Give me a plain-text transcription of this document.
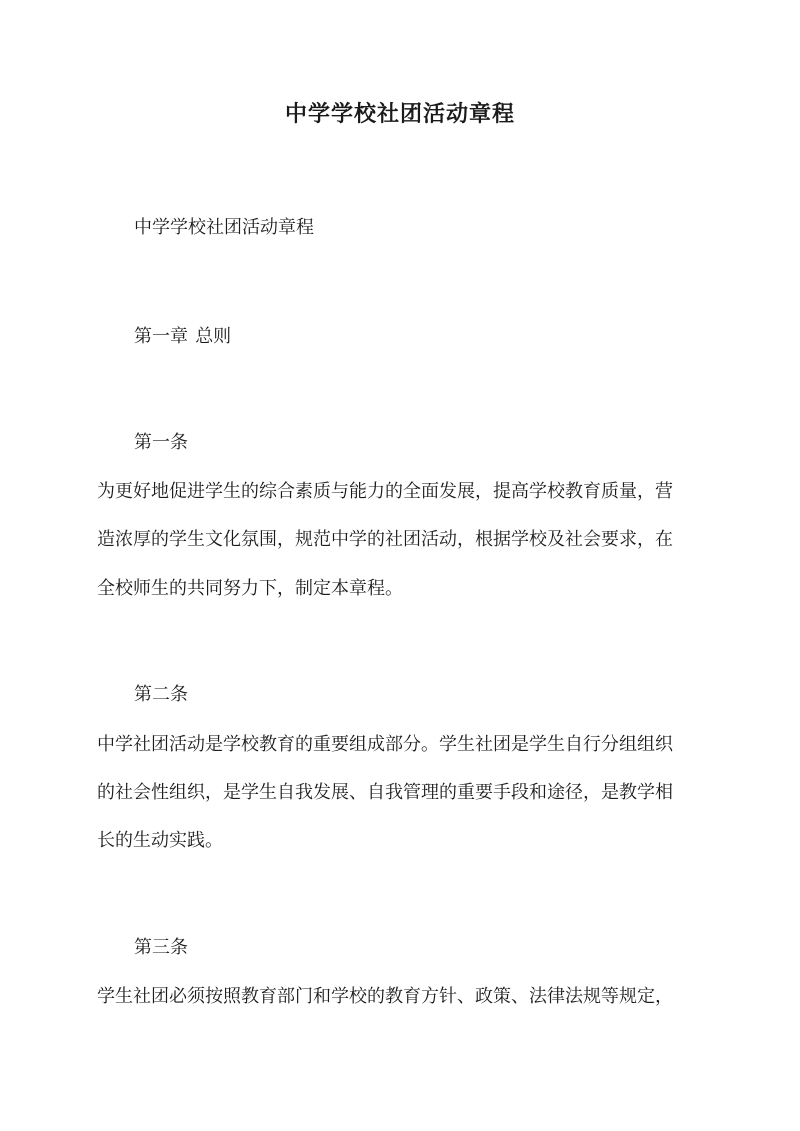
中学学校社团活动章程

中学学校社团活动章程

第一章 总则

第一条

为更好地促进学生的综合素质与能力的全面发展，提高学校教育质量，营

造浓厚的学生文化氛围，规范中学的社团活动，根据学校及社会要求，在

全校师生的共同努力下，制定本章程。

第二条

中学社团活动是学校教育的重要组成部分。学生社团是学生自行分组组织

的社会性组织，是学生自我发展、自我管理的重要手段和途径，是教学相

长的生动实践。

第三条

学生社团必须按照教育部门和学校的教育方针、政策、法律法规等规定，
